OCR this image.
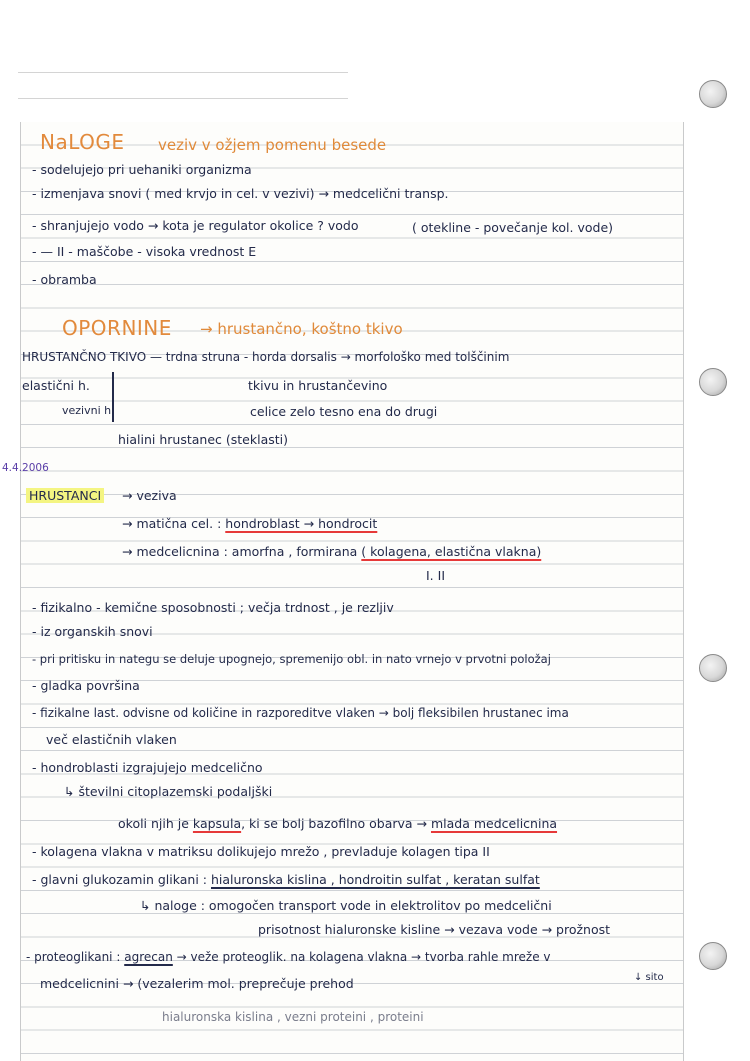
NaLOGE veziv v ožjem pomenu besede
- sodelujejo pri uehaniki organizma
- izmenjava snovi ( med krvjo in cel. v vezivi) → medcelični transp.
- shranjujejo vodo → kota je regulator okolice ? vodo	( otekline - povečanje kol. vode)
- — II - maščobe - visoka vrednost E
- obramba
OPORNINE → hrustančno, koštno tkivo
HRUSTANČNO TKIVO — trdna struna - horda dorsalis → morfološko med tolščinim
elastični h.	tkivu in hrustančevino
vezivni h.	celice zelo tesno ena do drugi
hialini hrustanec (steklasti)
4.4.2006
HRUSTANCI → veziva
→ matična cel. : hondroblast → hondrocit
→ medcelicnina : amorfna , formirana ( kolagena, elastična vlakna)
I. II
- fizikalno - kemične sposobnosti ; večja trdnost , je rezljiv
- iz organskih snovi
- pri pritisku in nategu se deluje upognejo, spremenijo obl. in nato vrnejo v prvotni položaj
- gladka površina
- fizikalne last. odvisne od količine in razporeditve vlaken → bolj fleksibilen hrustanec ima
več elastičnih vlaken
- hondroblasti izgrajujejo medcelično
↳ številni citoplazemski podaljški
okoli njih je kapsula, ki se bolj bazofilno obarva → mlada medcelicnina
- kolagena vlakna v matriksu dolikujejo mrežo , prevladuje kolagen tipa II
- glavni glukozamin glikani : hialuronska kislina , hondroitin sulfat , keratan sulfat
↳ naloge : omogočen transport vode in elektrolitov po medcelični
prisotnost hialuronske kisline → vezava vode → prožnost
- proteoglikani : agrecan → veže proteoglik. na kolagena vlakna → tvorba rahle mreže v
medcelicnini → (vezalerim mol. preprečuje prehod	↓ sito
hialuronska kislina , vezni proteini , proteini
